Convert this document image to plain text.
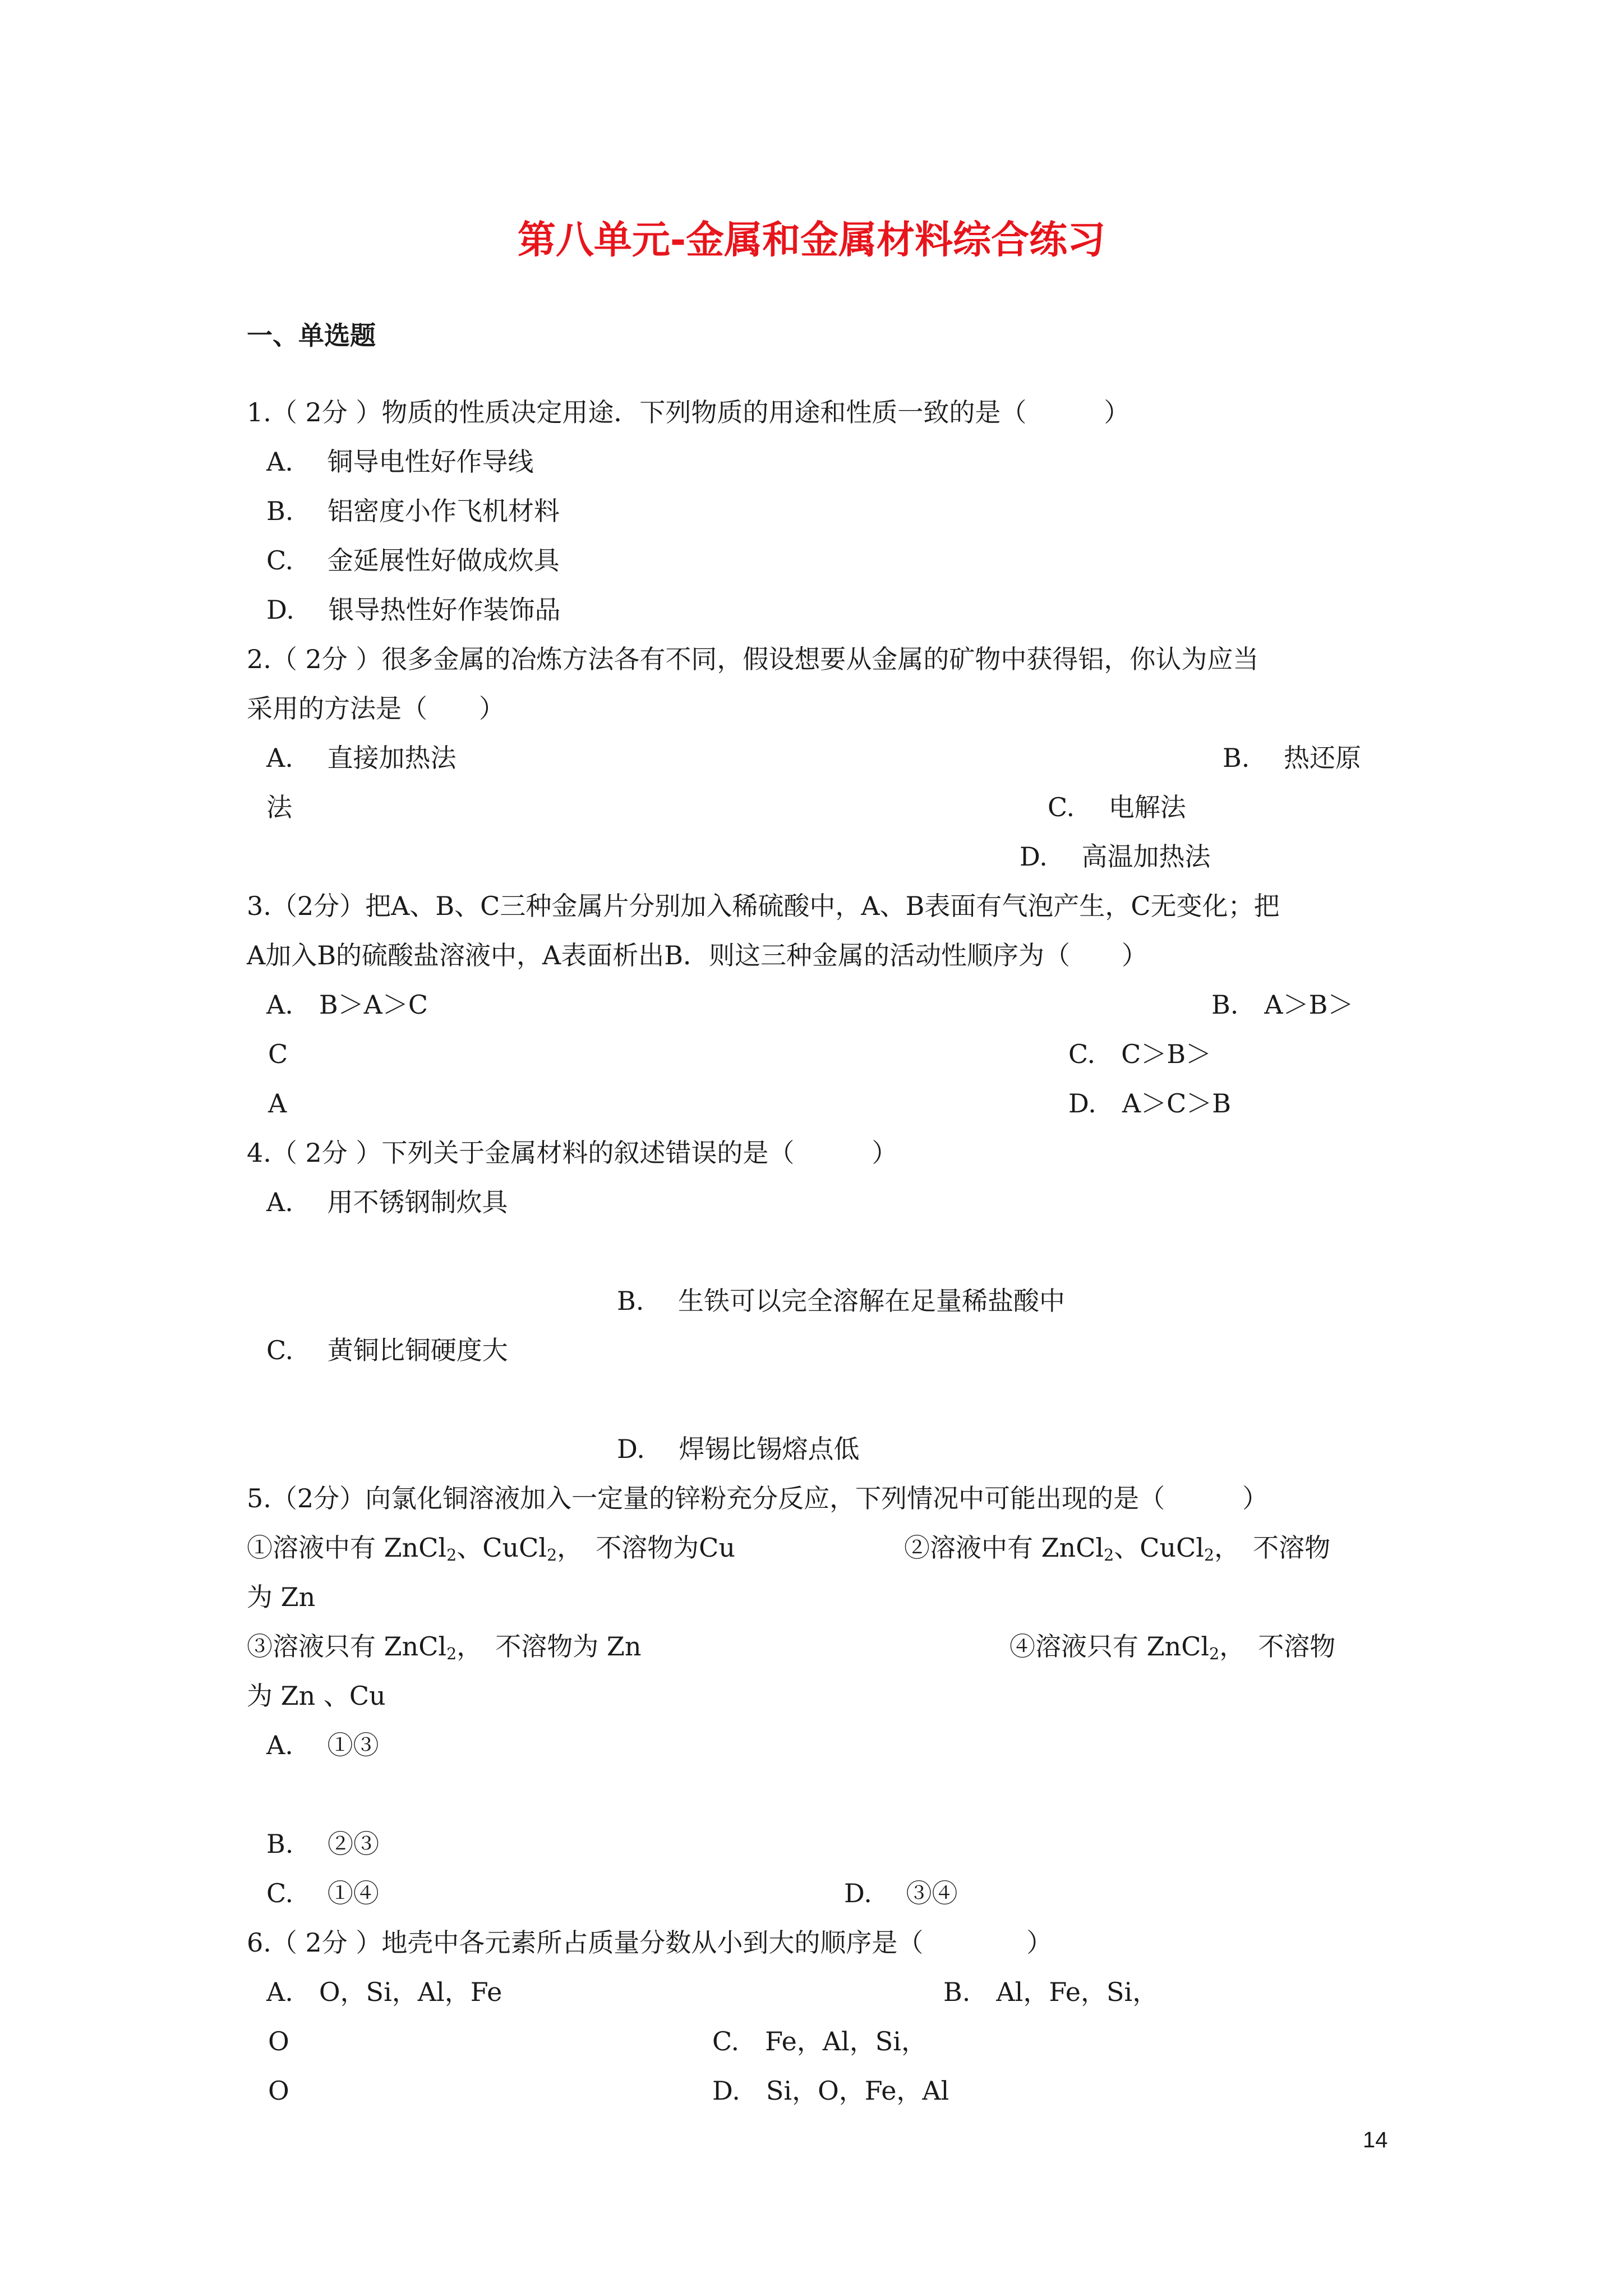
第八单元-金属和金属材料综合练习
一、单选题
1.（ 2分 ）物质的性质决定用途．下列物质的用途和性质一致的是（　　　）
A.　 铜导电性好作导线
B.　 铝密度小作飞机材料
C.　 金延展性好做成炊具
D.　 银导热性好作装饰品
2.（ 2分 ）很多金属的冶炼方法各有不同，假设想要从金属的矿物中获得铝，你认为应当
采用的方法是（　　）
A.　 直接加热法	B.　 热还原
法	C.　 电解法
D.　 高温加热法
3.（2分）把A、B、C三种金属片分别加入稀硫酸中，A、B表面有气泡产生，C无变化；把
A加入B的硫酸盐溶液中，A表面析出B．则这三种金属的活动性顺序为（　　）
A.　B＞A＞C	B.　A＞B＞
C	C.　C＞B＞
A	D.　A＞C＞B
4.（ 2分 ）下列关于金属材料的叙述错误的是（　　　）
A.　 用不锈钢制炊具
B.　 生铁可以完全溶解在足量稀盐酸中
C.　 黄铜比铜硬度大
D.　 焊锡比锡熔点低
5.（2分）向氯化铜溶液加入一定量的锌粉充分反应，下列情况中可能出现的是（　　　）
①溶液中有 ZnCl$_2$、CuCl$_2$，　不溶物为Cu	②溶液中有 ZnCl$_2$、CuCl$_2$，　不溶物
为 Zn
③溶液只有 ZnCl$_2$，　不溶物为 Zn	④溶液只有 ZnCl$_2$，　不溶物
为 Zn 、Cu
A.　 ①③
B.　 ②③
C.　 ①④	D.　 ③④
6.（ 2分 ）地壳中各元素所占质量分数从小到大的顺序是（　　　　）
A.　O，Si，Al，Fe	B.　Al，Fe，Si，
O	C.　Fe，Al，Si，
O	D.　Si，O，Fe，Al
14
